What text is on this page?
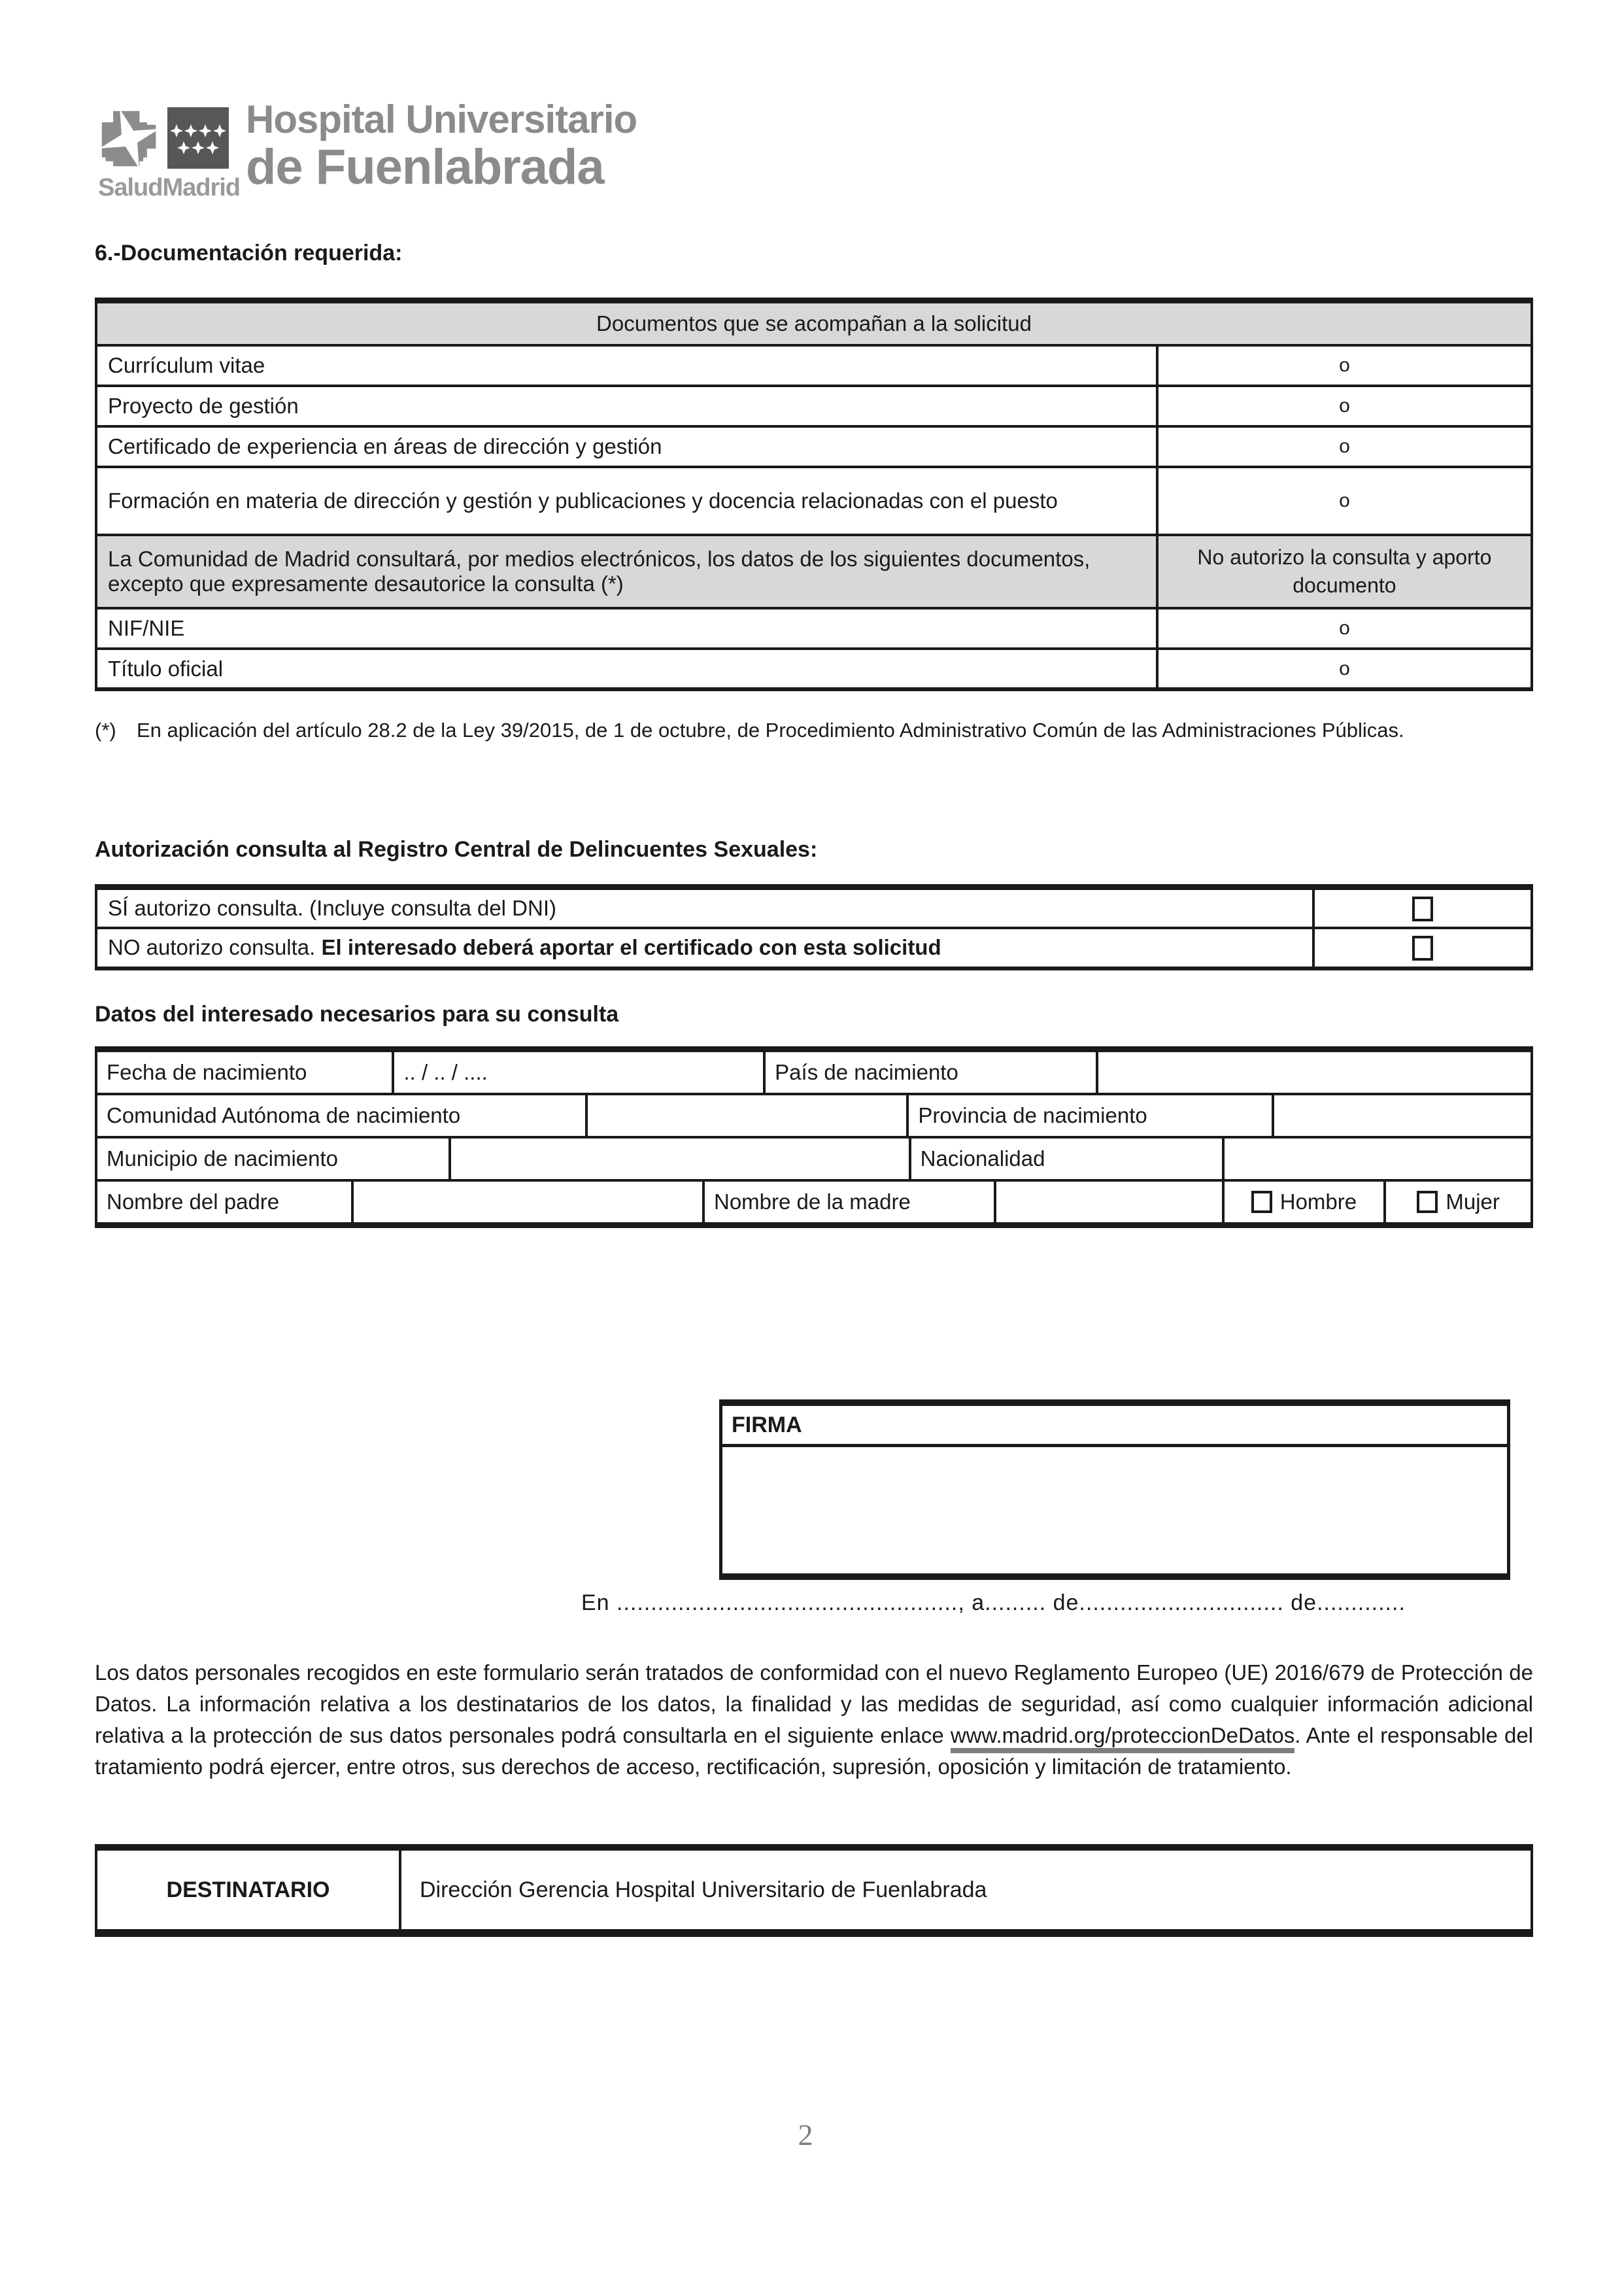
SaludMadrid
Hospital Universitario
de Fuenlabrada
6.-Documentación requerida:
Documentos que se acompañan a la solicitud	
Currículum vitae	o
Proyecto de gestión	o
Certificado de experiencia en áreas de dirección y gestión	o
Formación en materia de dirección y gestión y publicaciones y docencia relacionadas con el puesto	o
La Comunidad de Madrid consultará, por medios electrónicos, los datos de los siguientes documentos, excepto que expresamente desautorice la consulta (*)	No autorizo la consulta y aporto documento
NIF/NIE	o
Título oficial	o
(*) En aplicación del artículo 28.2 de la Ley 39/2015, de 1 de octubre, de Procedimiento Administrativo Común de las Administraciones Públicas.
Autorización consulta al Registro Central de Delincuentes Sexuales:
SÍ autorizo consulta. (Incluye consulta del DNI)	
NO autorizo consulta. El interesado deberá aportar el certificado con esta solicitud	
Datos del interesado necesarios para su consulta
Fecha de nacimiento	.. / .. / ....	País de nacimiento
Comunidad Autónoma de nacimiento	Provincia de nacimiento
Municipio de nacimiento	Nacionalidad
Nombre del padre	Nombre de la madre	Hombre	Mujer
FIRMA
En .................................................., a......... de.............................. de.............
Los datos personales recogidos en este formulario serán tratados de conformidad con el nuevo Reglamento Europeo (UE) 2016/679 de Protección de Datos. La información relativa a los destinatarios de los datos, la finalidad y las medidas de seguridad, así como cualquier información adicional relativa a la protección de sus datos personales podrá consultarla en el siguiente enlace www.madrid.org/proteccionDeDatos. Ante el responsable del tratamiento podrá ejercer, entre otros, sus derechos de acceso, rectificación, supresión, oposición y limitación de tratamiento.
DESTINATARIO	Dirección Gerencia Hospital Universitario de Fuenlabrada
2
